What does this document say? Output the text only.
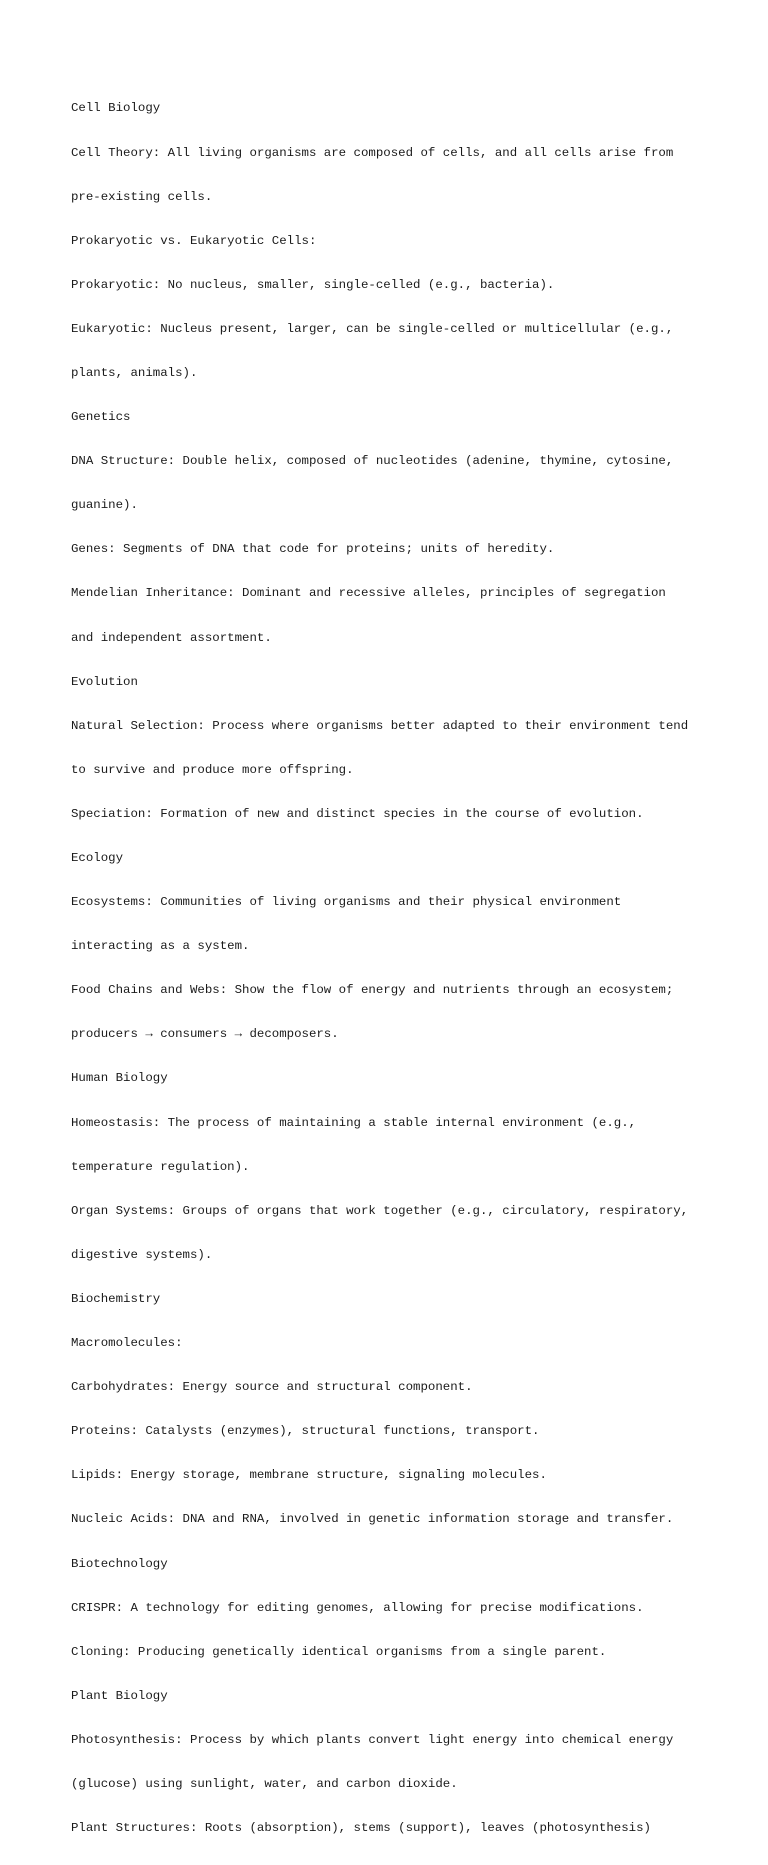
Cell Biology

Cell Theory: All living organisms are composed of cells, and all cells arise from

pre-existing cells.

Prokaryotic vs. Eukaryotic Cells:

Prokaryotic: No nucleus, smaller, single-celled (e.g., bacteria).

Eukaryotic: Nucleus present, larger, can be single-celled or multicellular (e.g.,

plants, animals).

Genetics

DNA Structure: Double helix, composed of nucleotides (adenine, thymine, cytosine,

guanine).

Genes: Segments of DNA that code for proteins; units of heredity.

Mendelian Inheritance: Dominant and recessive alleles, principles of segregation

and independent assortment.

Evolution

Natural Selection: Process where organisms better adapted to their environment tend

to survive and produce more offspring.

Speciation: Formation of new and distinct species in the course of evolution.

Ecology

Ecosystems: Communities of living organisms and their physical environment

interacting as a system.

Food Chains and Webs: Show the flow of energy and nutrients through an ecosystem;

producers → consumers → decomposers.

Human Biology

Homeostasis: The process of maintaining a stable internal environment (e.g.,

temperature regulation).

Organ Systems: Groups of organs that work together (e.g., circulatory, respiratory,

digestive systems).

Biochemistry

Macromolecules:

Carbohydrates: Energy source and structural component.

Proteins: Catalysts (enzymes), structural functions, transport.

Lipids: Energy storage, membrane structure, signaling molecules.

Nucleic Acids: DNA and RNA, involved in genetic information storage and transfer.

Biotechnology

CRISPR: A technology for editing genomes, allowing for precise modifications.

Cloning: Producing genetically identical organisms from a single parent.

Plant Biology

Photosynthesis: Process by which plants convert light energy into chemical energy

(glucose) using sunlight, water, and carbon dioxide.

Plant Structures: Roots (absorption), stems (support), leaves (photosynthesis)
